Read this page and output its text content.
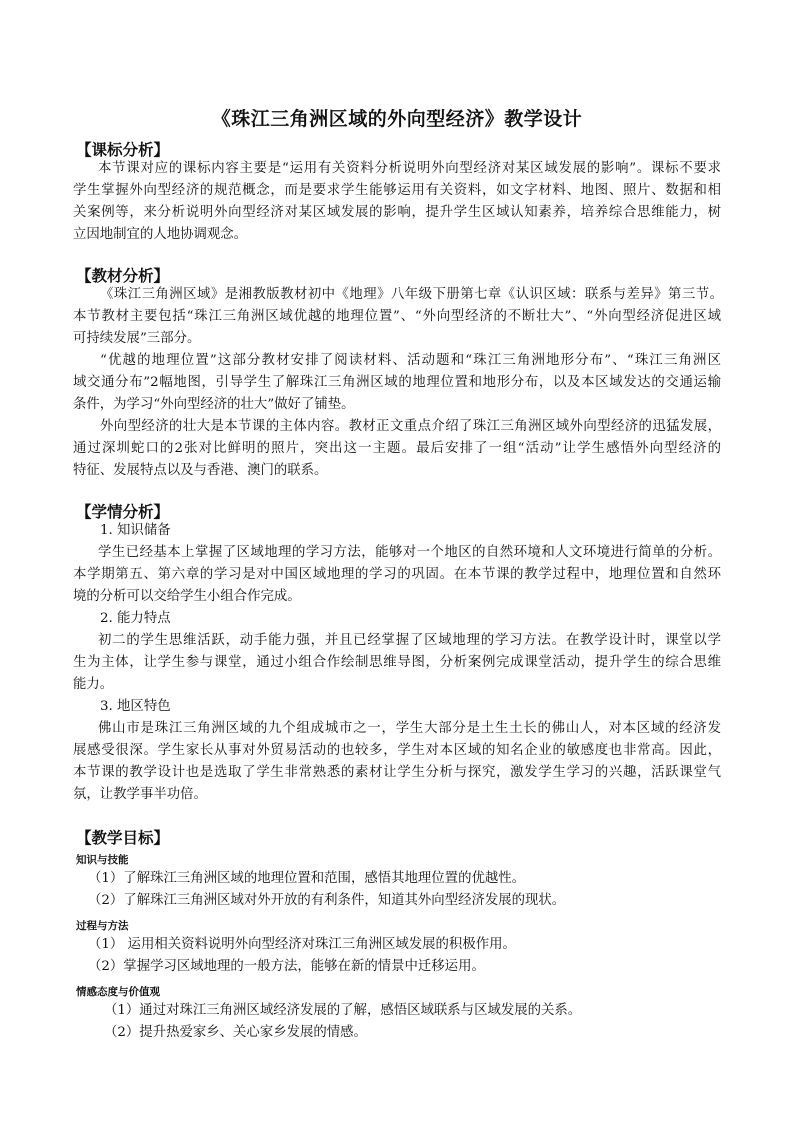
《珠江三角洲区域的外向型经济》教学设计
【课标分析】
本节课对应的课标内容主要是“运用有关资料分析说明外向型经济对某区域发展的影响”。课标不要求
学生掌握外向型经济的规范概念，而是要求学生能够运用有关资料，如文字材料、地图、照片、数据和相
关案例等，来分析说明外向型经济对某区域发展的影响，提升学生区域认知素养，培养综合思维能力，树
立因地制宜的人地协调观念。
【教材分析】
《珠江三角洲区域》是湘教版教材初中《地理》八年级下册第七章《认识区域：联系与差异》第三节。
本节教材主要包括“珠江三角洲区域优越的地理位置”、“外向型经济的不断壮大”、“外向型经济促进区域
可持续发展”三部分。
“优越的地理位置”这部分教材安排了阅读材料、活动题和“珠江三角洲地形分布”、“珠江三角洲区
域交通分布”2幅地图，引导学生了解珠江三角洲区域的地理位置和地形分布，以及本区域发达的交通运输
条件，为学习“外向型经济的壮大”做好了铺垫。
外向型经济的壮大是本节课的主体内容。教材正文重点介绍了珠江三角洲区域外向型经济的迅猛发展，
通过深圳蛇口的2张对比鲜明的照片，突出这一主题。最后安排了一组“活动”让学生感悟外向型经济的
特征、发展特点以及与香港、澳门的联系。
【学情分析】
1. 知识储备
学生已经基本上掌握了区域地理的学习方法，能够对一个地区的自然环境和人文环境进行简单的分析。
本学期第五、第六章的学习是对中国区域地理的学习的巩固。在本节课的教学过程中，地理位置和自然环
境的分析可以交给学生小组合作完成。
2. 能力特点
初二的学生思维活跃，动手能力强，并且已经掌握了区域地理的学习方法。在教学设计时，课堂以学
生为主体，让学生参与课堂，通过小组合作绘制思维导图，分析案例完成课堂活动，提升学生的综合思维
能力。
3. 地区特色
佛山市是珠江三角洲区域的九个组成城市之一，学生大部分是土生土长的佛山人，对本区域的经济发
展感受很深。学生家长从事对外贸易活动的也较多，学生对本区域的知名企业的敏感度也非常高。因此，
本节课的教学设计也是选取了学生非常熟悉的素材让学生分析与探究，激发学生学习的兴趣，活跃课堂气
氛，让教学事半功倍。
【教学目标】
知识与技能
（1）了解珠江三角洲区域的地理位置和范围，感悟其地理位置的优越性。
（2）了解珠江三角洲区域对外开放的有利条件，知道其外向型经济发展的现状。
过程与方法
（1） 运用相关资料说明外向型经济对珠江三角洲区域发展的积极作用。
（2）掌握学习区域地理的一般方法，能够在新的情景中迁移运用。
情感态度与价值观
（1）通过对珠江三角洲区域经济发展的了解，感悟区域联系与区域发展的关系。
（2）提升热爱家乡、关心家乡发展的情感。
